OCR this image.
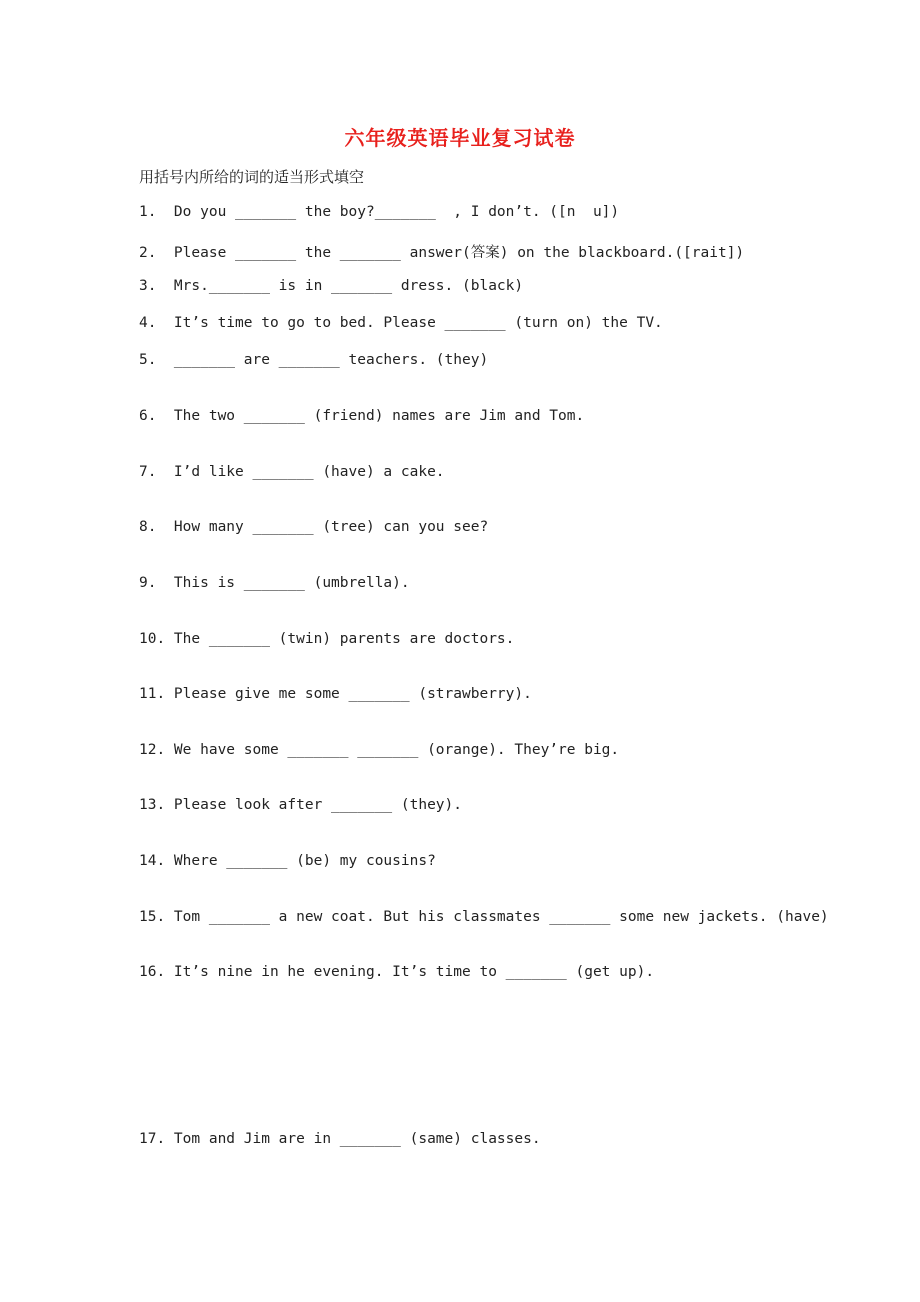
六年级英语毕业复习试卷
用括号内所给的词的适当形式填空
1.  Do you _______ the boy?_______  , I don’t. ([n  u])
2.  Please _______ the _______ answer(答案) on the blackboard.([rait])
3.  Mrs._______ is in _______ dress. (black)
4.  It’s time to go to bed. Please _______ (turn on) the TV.
5.  _______ are _______ teachers. (they)
6.  The two _______ (friend) names are Jim and Tom.
7.  I’d like _______ (have) a cake.
8.  How many _______ (tree) can you see?
9.  This is _______ (umbrella).
10. The _______ (twin) parents are doctors.
11. Please give me some _______ (strawberry).
12. We have some _______ _______ (orange). They’re big.
13. Please look after _______ (they).
14. Where _______ (be) my cousins?
15. Tom _______ a new coat. But his classmates _______ some new jackets. (have)
16. It’s nine in he evening. It’s time to _______ (get up).
17. Tom and Jim are in _______ (same) classes.
